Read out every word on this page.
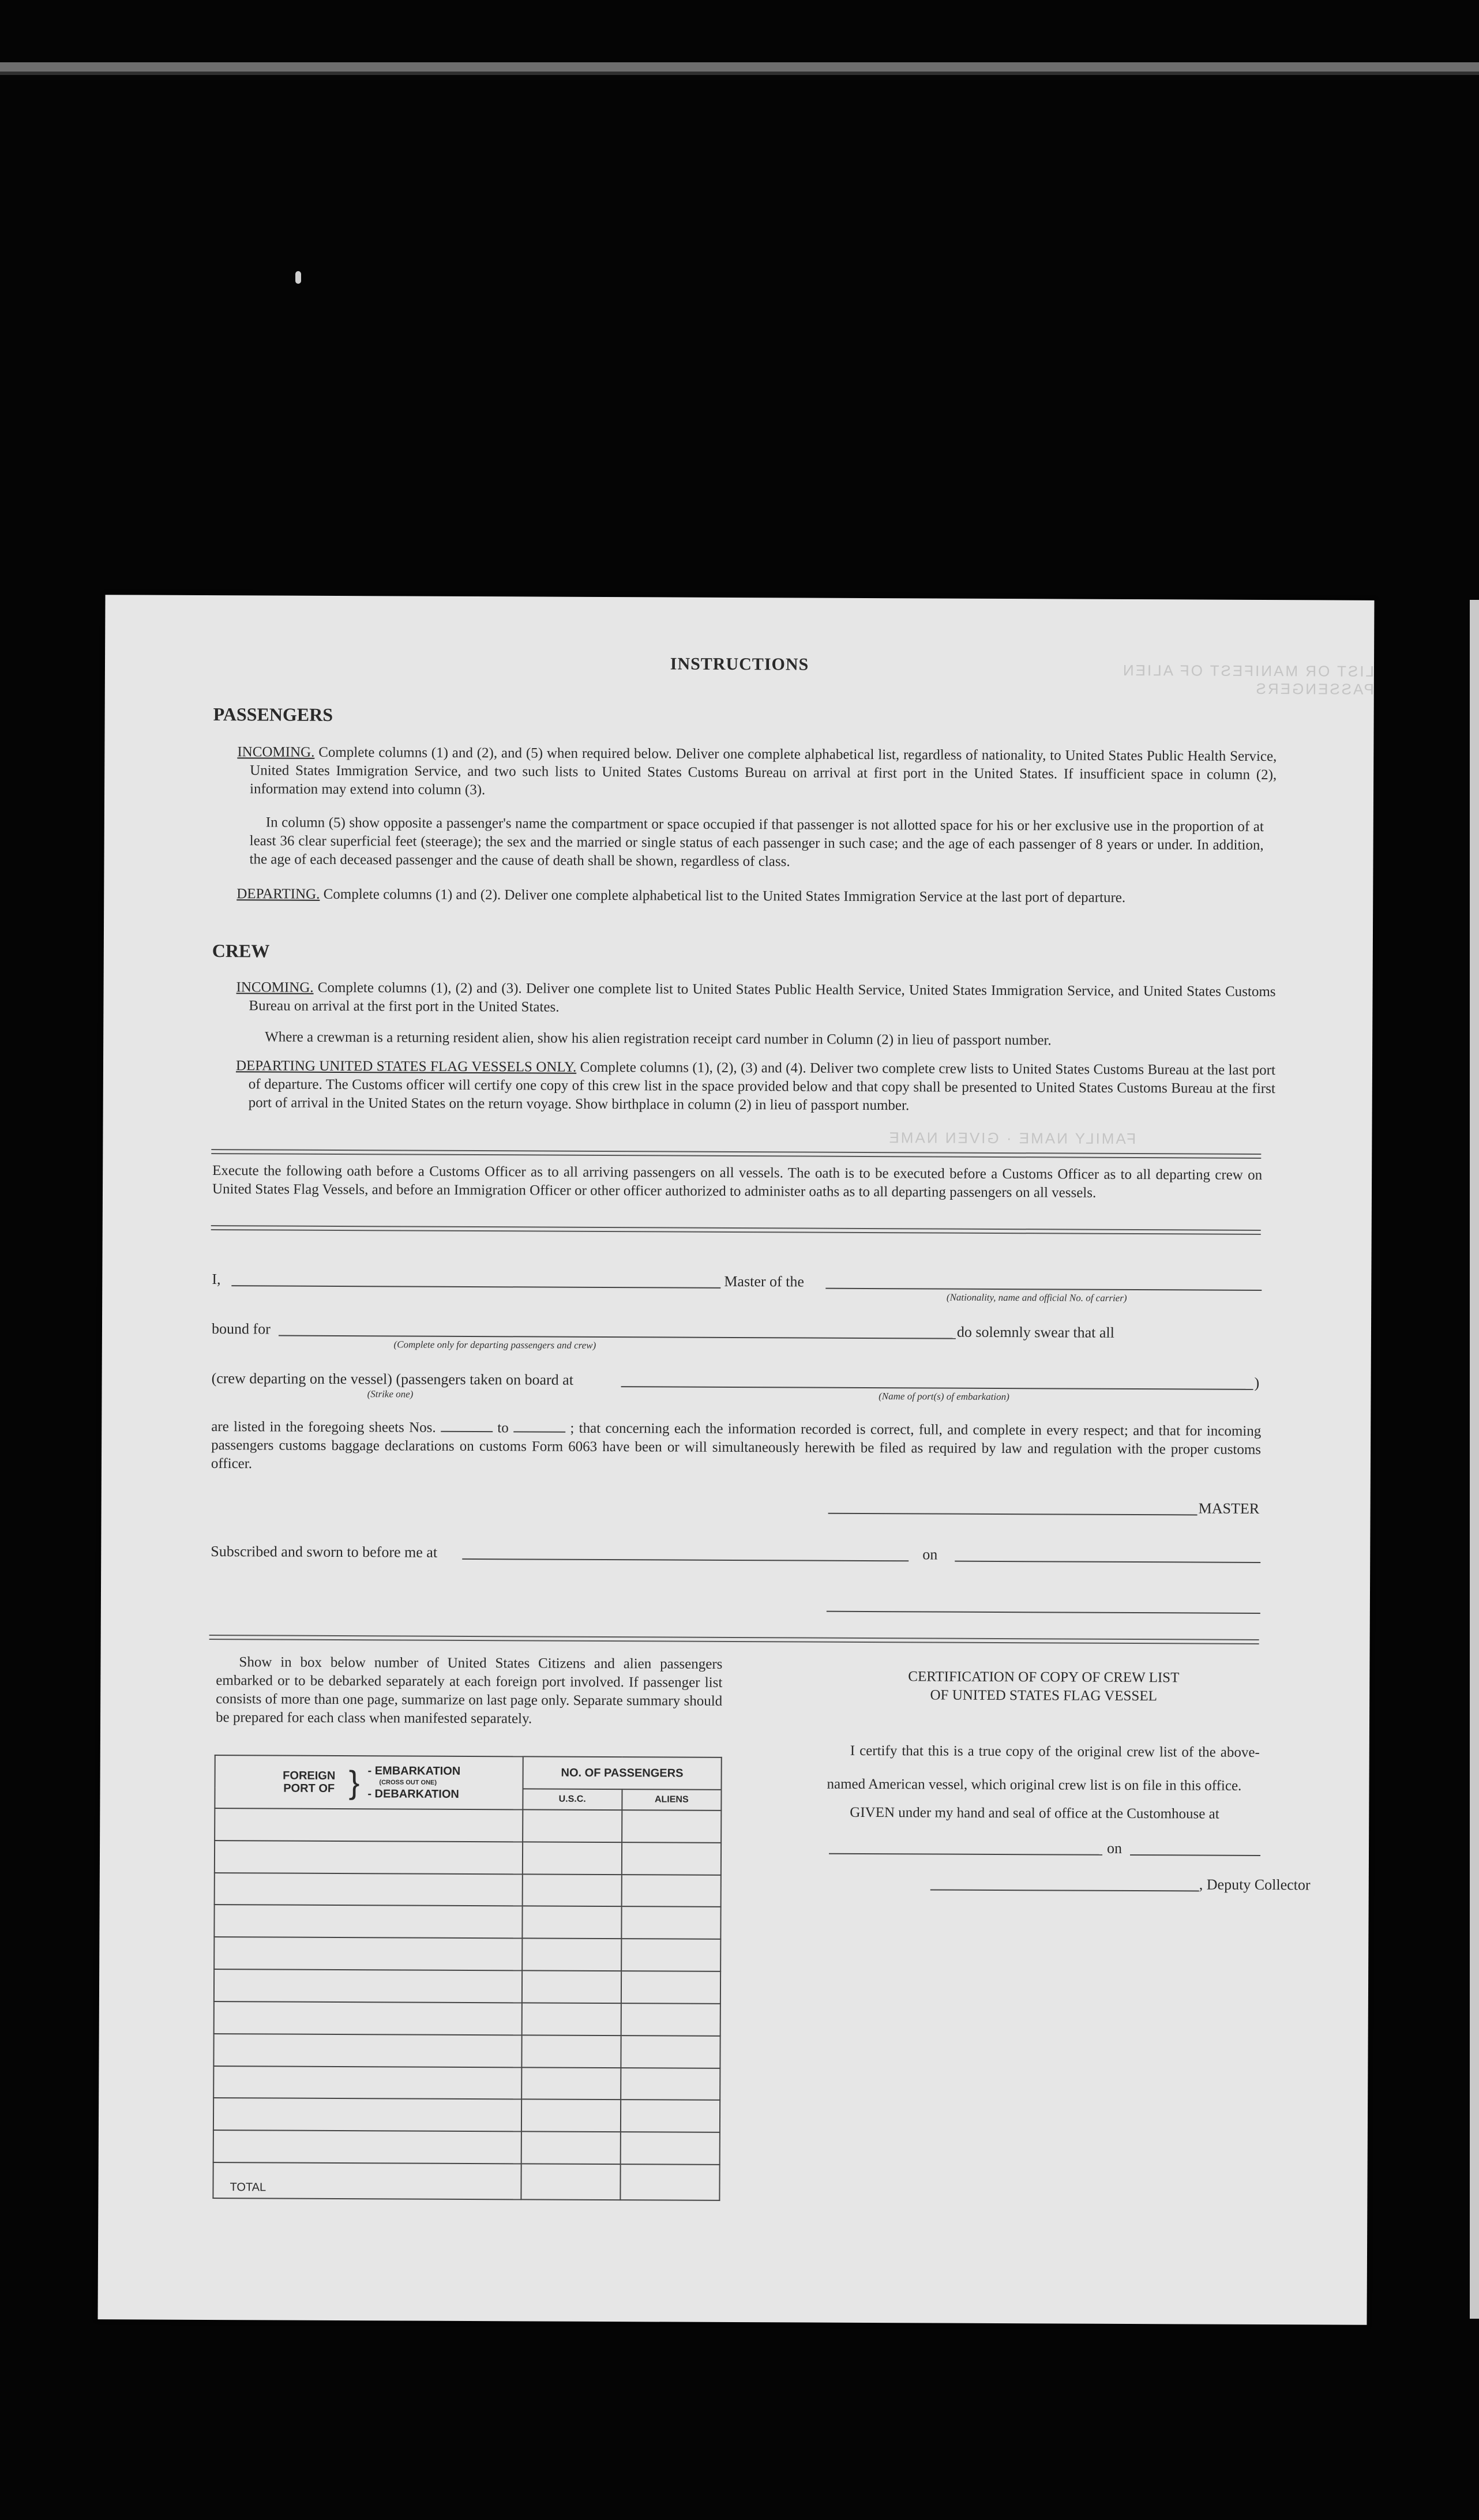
LIST OR MANIFEST OF ALIEN PASSENGERS
FAMILY NAME · GIVEN NAME
INSTRUCTIONS
PASSENGERS
INCOMING. Complete columns (1) and (2), and (5) when required below. Deliver one complete alphabetical list, regardless of nationality, to United States Public Health Service, United States Immigration Service, and two such lists to United States Customs Bureau on arrival at first port in the United States. If insufficient space in column (2), information may extend into column (3).
In column (5) show opposite a passenger's name the compartment or space occupied if that passenger is not allotted space for his or her exclusive use in the proportion of at least 36 clear superficial feet (steerage); the sex and the married or single status of each passenger in such case; and the age of each passenger of 8 years or under. In addition, the age of each deceased passenger and the cause of death shall be shown, regardless of class.
DEPARTING. Complete columns (1) and (2). Deliver one complete alphabetical list to the United States Immigration Service at the last port of departure.
CREW
INCOMING. Complete columns (1), (2) and (3). Deliver one complete list to United States Public Health Service, United States Immigration Service, and United States Customs Bureau on arrival at the first port in the United States.
Where a crewman is a returning resident alien, show his alien registration receipt card number in Column (2) in lieu of passport number.
DEPARTING UNITED STATES FLAG VESSELS ONLY. Complete columns (1), (2), (3) and (4). Deliver two complete crew lists to United States Customs Bureau at the last port of departure. The Customs officer will certify one copy of this crew list in the space provided below and that copy shall be presented to United States Customs Bureau at the first port of arrival in the United States on the return voyage. Show birthplace in column (2) in lieu of passport number.
Execute the following oath before a Customs Officer as to all arriving passengers on all vessels. The oath is to be executed before a Customs Officer as to all departing crew on United States Flag Vessels, and before an Immigration Officer or other officer authorized to administer oaths as to all departing passengers on all vessels.
I,	Master of the
(Nationality, name and official No. of carrier)
bound for
(Complete only for departing passengers and crew)
do solemnly swear that all
(crew departing on the vessel) (passengers taken on board at	)
(Strike one)	(Name of port(s) of embarkation)
are listed in the foregoing sheets Nos.	to	; that concerning each the information recorded is correct, full, and complete in every respect; and that for incoming passengers customs baggage declarations on customs Form 6063 have been or will simultaneously herewith be filed as required by law and regulation with the proper customs officer.
MASTER
Subscribed and sworn to before me at	on
Show in box below number of United States Citizens and alien passengers embarked or to be debarked separately at each foreign port involved. If passenger list consists of more than one page, summarize on last page only. Separate summary should be prepared for each class when manifested separately.
FOREIGN PORT OF } - EMBARKATION
(CROSS OUT ONE)
- DEBARKATION	NO. OF PASSENGERS	
	U.S.C.	ALIENS

TOTAL		
CERTIFICATION OF COPY OF CREW LIST
OF UNITED STATES FLAG VESSEL
I certify that this is a true copy of the original crew list of the above-named American vessel, which original crew list is on file in this office.
GIVEN under my hand and seal of office at the Customhouse at
on
, Deputy Collector
